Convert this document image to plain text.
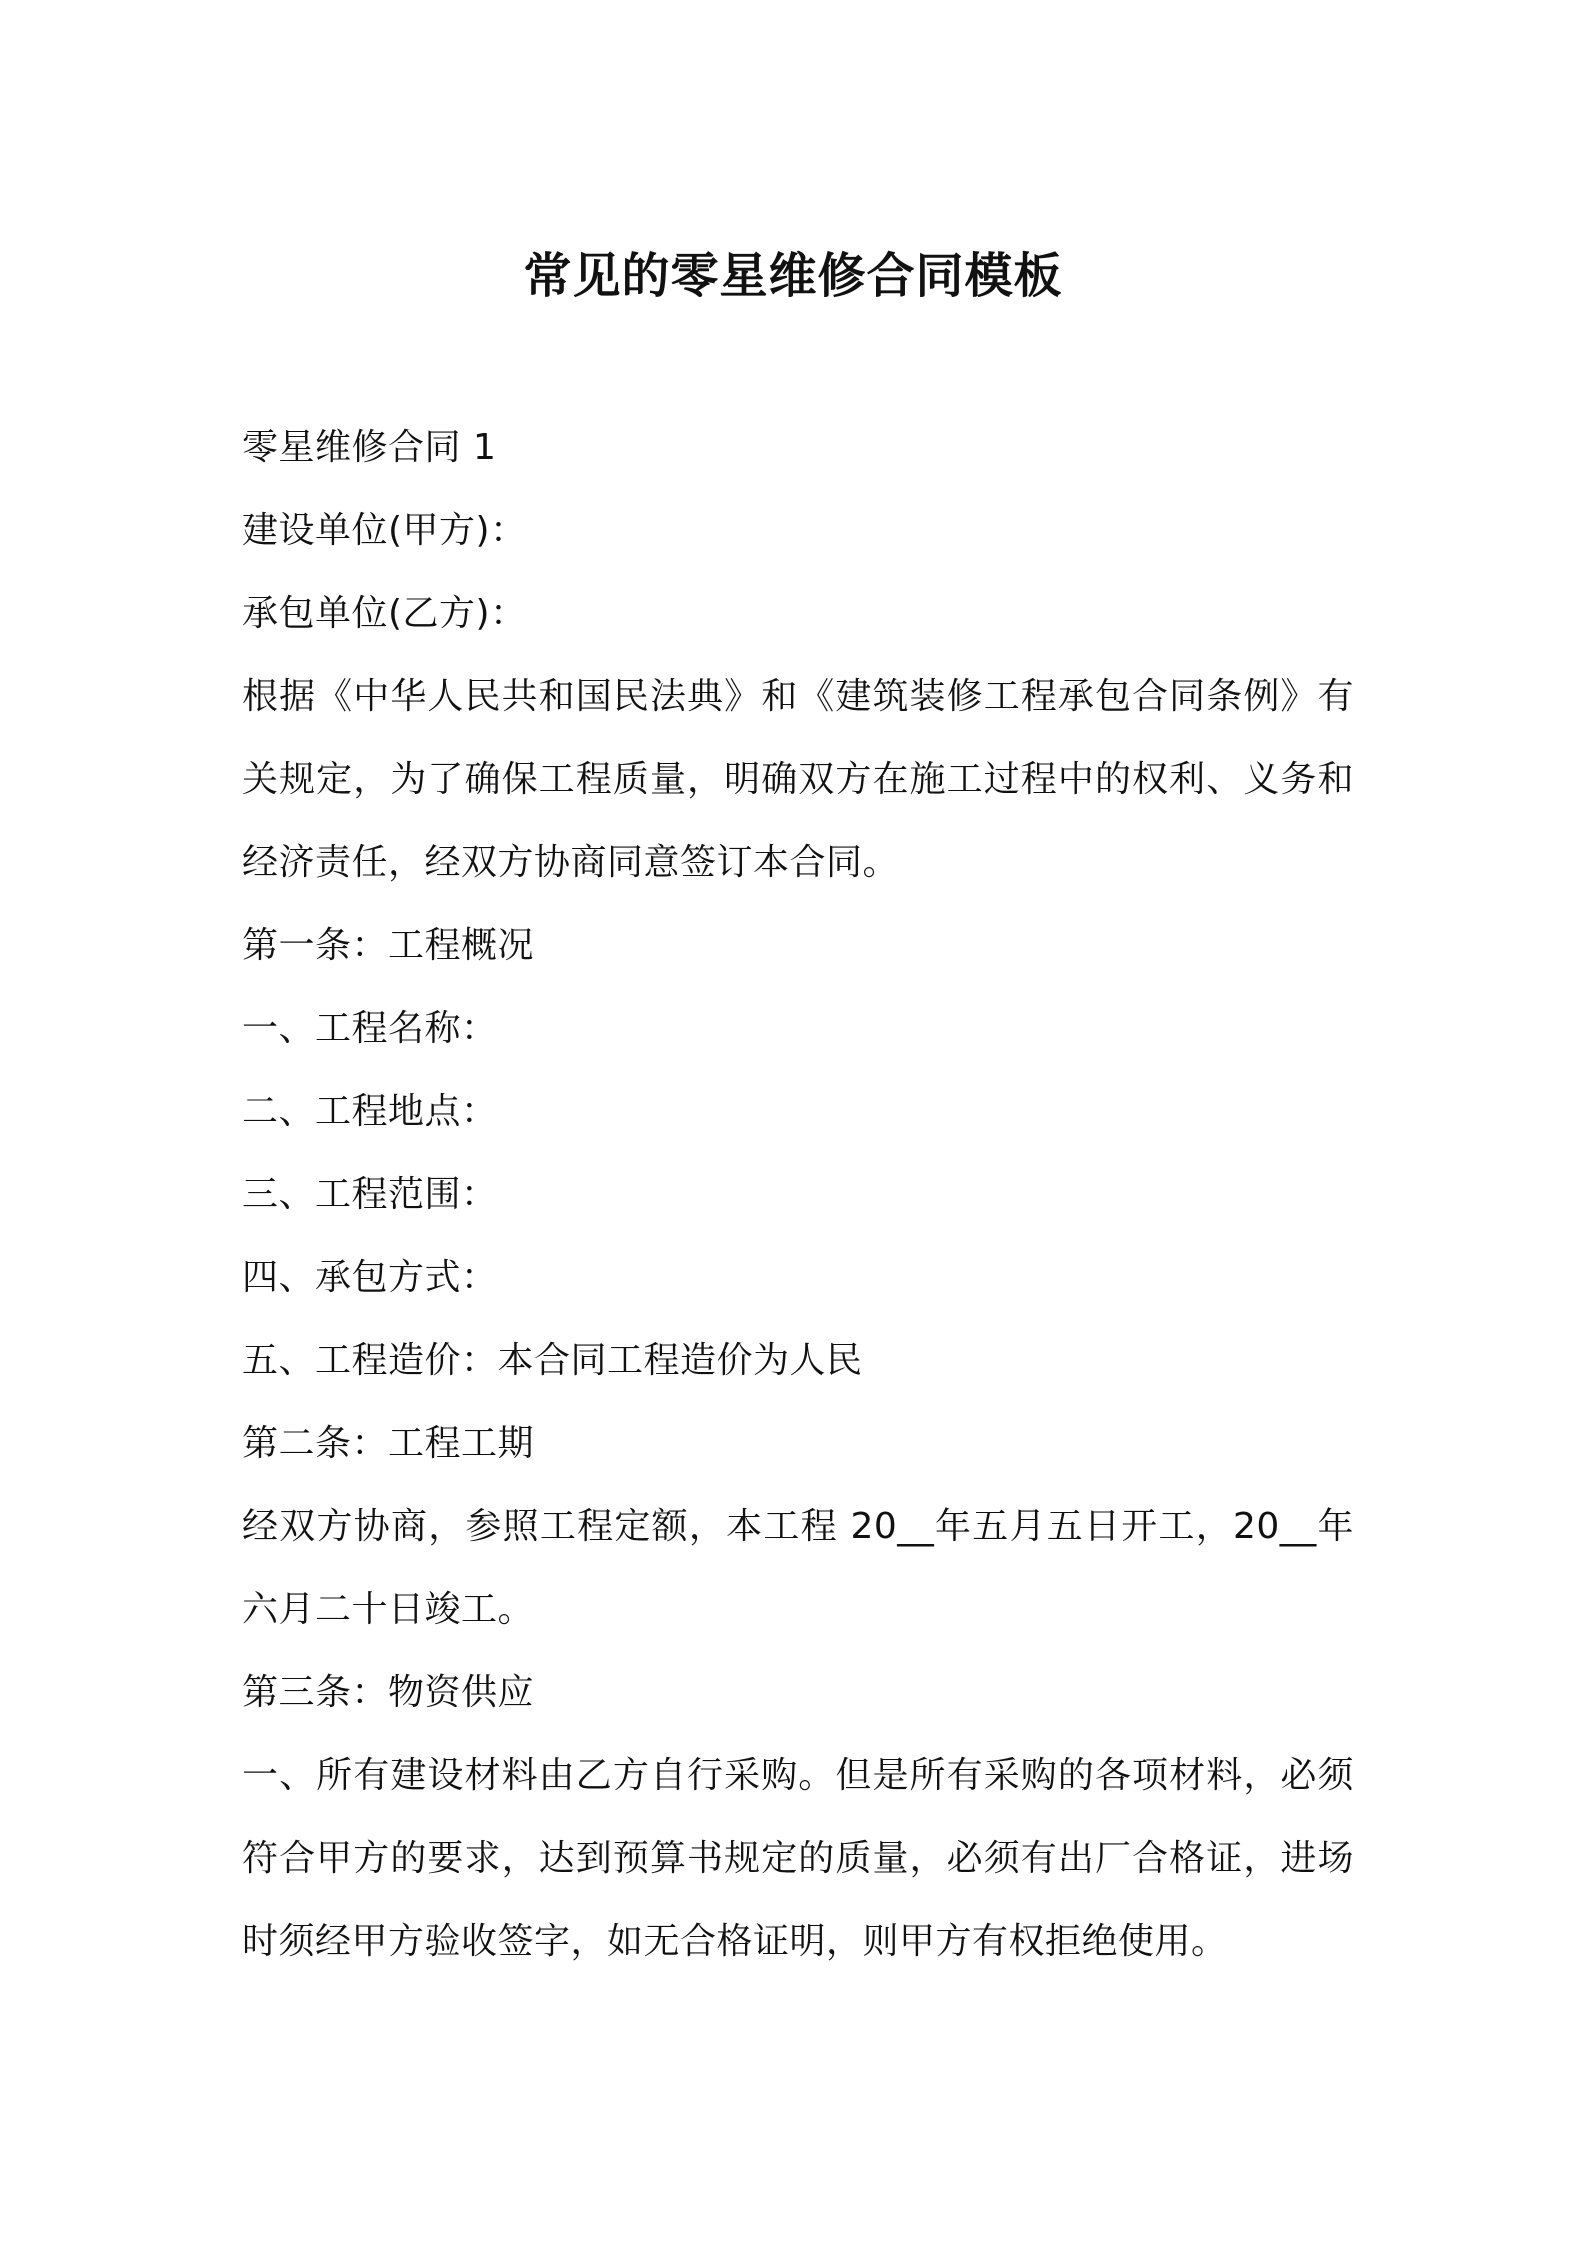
常见的零星维修合同模板

零星维修合同 1

建设单位(甲方)：

承包单位(乙方)：

根据《中华人民共和国民法典》和《建筑装修工程承包合同条例》有关规定，为了确保工程质量，明确双方在施工过程中的权利、义务和经济责任，经双方协商同意签订本合同。

第一条：工程概况

一、工程名称：

二、工程地点：

三、工程范围：

四、承包方式：

五、工程造价：本合同工程造价为人民

第二条：工程工期

经双方协商，参照工程定额，本工程 20__年五月五日开工，20__年六月二十日竣工。

第三条：物资供应

一、所有建设材料由乙方自行采购。但是所有采购的各项材料，必须符合甲方的要求，达到预算书规定的质量，必须有出厂合格证，进场时须经甲方验收签字，如无合格证明，则甲方有权拒绝使用。
